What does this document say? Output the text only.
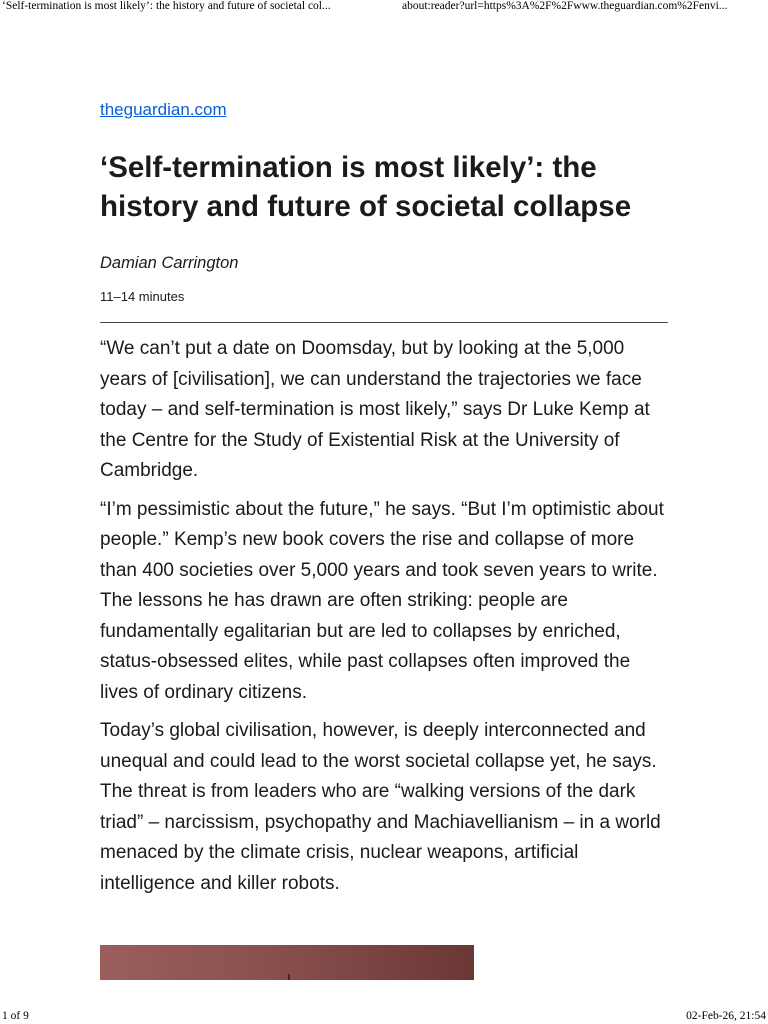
‘Self-termination is most likely’: the history and future of societal col...	about:reader?url=https%3A%2F%2Fwww.theguardian.com%2Fenvi...
theguardian.com
‘Self-termination is most likely’: the history and future of societal collapse
Damian Carrington
11–14 minutes

“We can’t put a date on Doomsday, but by looking at the 5,000 years of [civilisation], we can understand the trajectories we face today – and self-termination is most likely,” says Dr Luke Kemp at the Centre for the Study of Existential Risk at the University of Cambridge.

“I’m pessimistic about the future,” he says. “But I’m optimistic about people.” Kemp’s new book covers the rise and collapse of more than 400 societies over 5,000 years and took seven years to write. The lessons he has drawn are often striking: people are fundamentally egalitarian but are led to collapses by enriched, status-obsessed elites, while past collapses often improved the lives of ordinary citizens.

Today’s global civilisation, however, is deeply interconnected and unequal and could lead to the worst societal collapse yet, he says. The threat is from leaders who are “walking versions of the dark triad” – narcissism, psychopathy and Machiavellianism – in a world menaced by the climate crisis, nuclear weapons, artificial intelligence and killer robots.

1 of 9	02-Feb-26, 21:54
